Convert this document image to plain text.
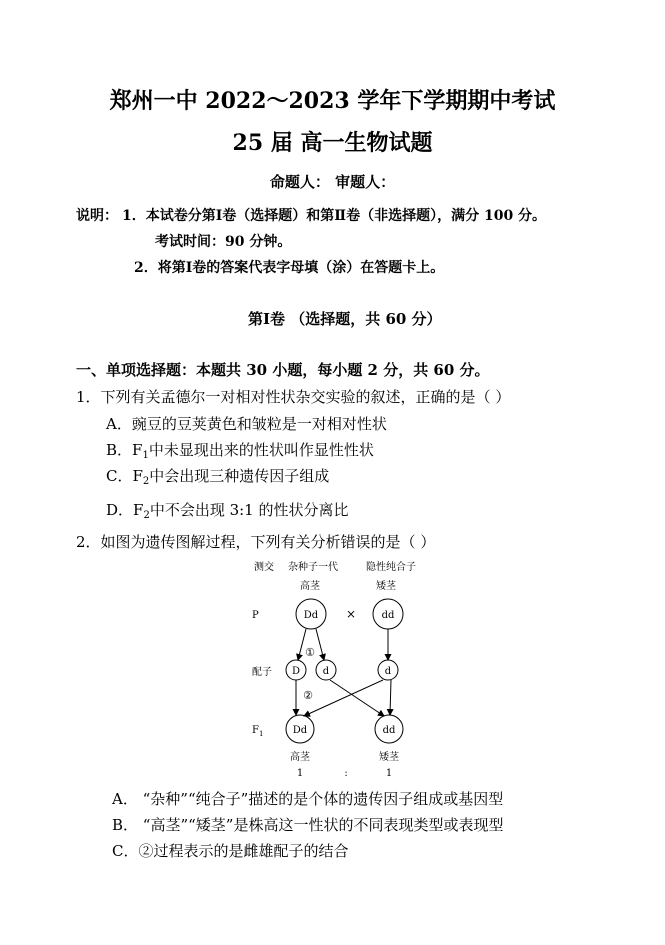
郑州一中 2022～2023 学年下学期期中考试
25 届 高一生物试题
命题人： 审题人：
说明： 1．本试卷分第Ⅰ卷（选择题）和第Ⅱ卷（非选择题），满分 100 分。
考试时间：90 分钟。
2．将第Ⅰ卷的答案代表字母填（涂）在答题卡上。
第Ⅰ卷 （选择题，共 60 分）
一、单项选择题：本题共 30 小题，每小题 2 分，共 60 分。
1．下列有关孟德尔一对相对性状杂交实验的叙述，正确的是（ ）
A．豌豆的豆荚黄色和皱粒是一对相对性状
B．$F_1$中未显现出来的性状叫作显性性状
C．$F_2$中会出现三种遗传因子组成
D．$F_2$中不会出现 3:1 的性状分离比
2．如图为遗传图解过程，下列有关分析错误的是（ ）
测交 杂种子一代	隐性纯合子
高茎	矮茎
P
配子
$F_1$
Dd ×	dd
①
D d	d
②
Dd	dd
高茎	矮茎
1	:	1
A． “杂种”“纯合子”描述的是个体的遗传因子组成或基因型
B． “高茎”“矮茎”是株高这一性状的不同表现类型或表现型
C．②过程表示的是雌雄配子的结合
